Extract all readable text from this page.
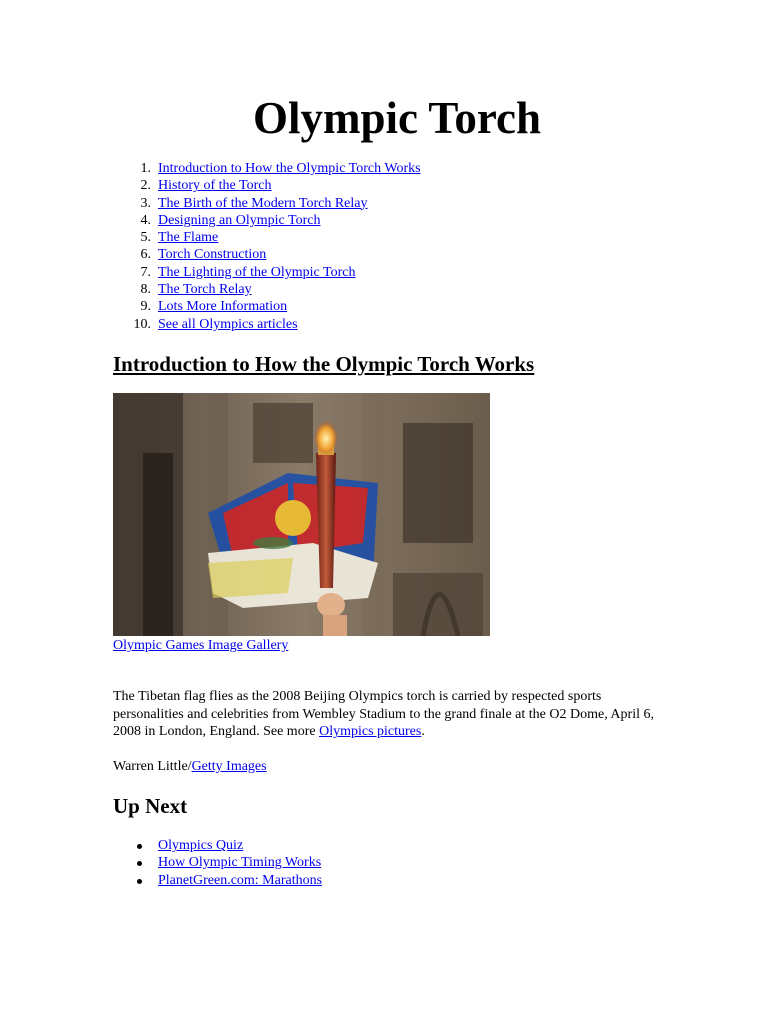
Olympic Torch
1. Introduction to How the Olympic Torch Works
2. History of the Torch
3. The Birth of the Modern Torch Relay
4. Designing an Olympic Torch
5. The Flame
6. Torch Construction
7. The Lighting of the Olympic Torch
8. The Torch Relay
9. Lots More Information
10. See all Olympics articles
Introduction to How the Olympic Torch Works
Olympic Games Image Gallery

The Tibetan flag flies as the 2008 Beijing Olympics torch is carried by respected sports personalities and celebrities from Wembley Stadium to the grand finale at the O2 Dome, April 6, 2008 in London, England. See more Olympics pictures.

Warren Little/Getty Images

Up Next
Olympics Quiz
How Olympic Timing Works
PlanetGreen.com: Marathons
